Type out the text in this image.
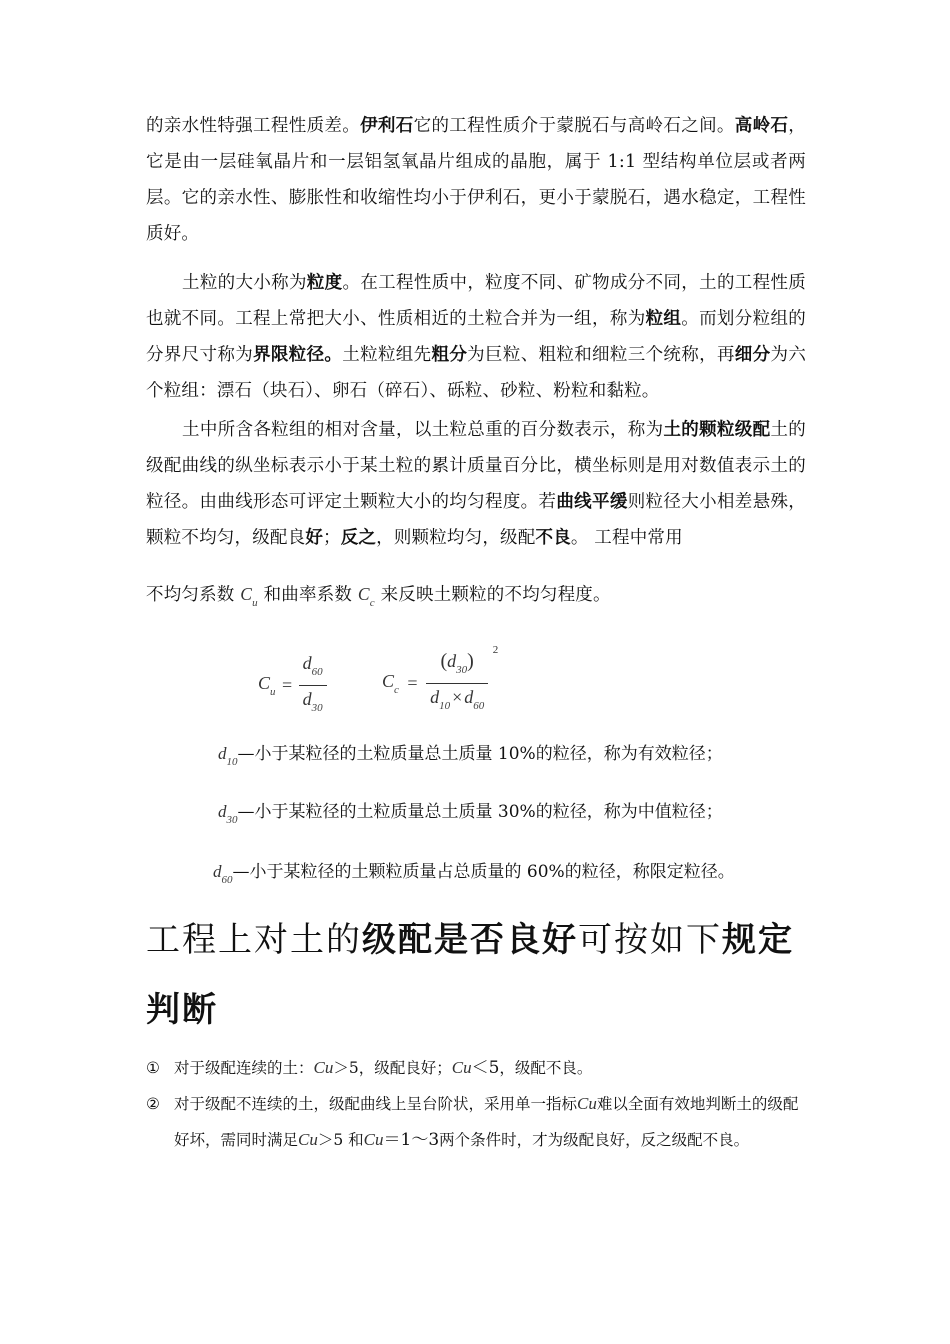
的亲水性特强工程性质差。伊利石它的工程性质介于蒙脱石与高岭石之间。高岭石，它是由一层硅氧晶片和一层铝氢氧晶片组成的晶胞，属于 1:1 型结构单位层或者两层。它的亲水性、膨胀性和收缩性均小于伊利石，更小于蒙脱石，遇水稳定，工程性质好。

土粒的大小称为粒度。在工程性质中，粒度不同、矿物成分不同，土的工程性质也就不同。工程上常把大小、性质相近的土粒合并为一组，称为粒组。而划分粒组的分界尺寸称为界限粒径。土粒粒组先粗分为巨粒、粗粒和细粒三个统称，再细分为六个粒组：漂石（块石）、卵石（碎石）、砾粒、砂粒、粉粒和黏粒。

土中所含各粒组的相对含量，以土粒总重的百分数表示，称为土的颗粒级配土的级配曲线的纵坐标表示小于某土粒的累计质量百分比，横坐标则是用对数值表示土的粒径。由曲线形态可评定土颗粒大小的均匀程度。若曲线平缓则粒径大小相差悬殊，颗粒不均匀，级配良好；反之，则颗粒均匀，级配不良。 工程中常用

不均匀系数 $C_u$ 和曲率系数 $C_c$ 来反映土颗粒的不均匀程度。

$C_u = \frac{d_{60}}{d_{30}}$	$C_c = \frac{(d_{30})}{d_{10} \times d_{60}} ^2$
$d_{10}—$小于某粒径的土粒质量总土质量 10%的粒径，称为有效粒径；
$d_{30}—$小于某粒径的土粒质量总土质量 30%的粒径，称为中值粒径；
$d_{60}—$小于某粒径的土颗粒质量占总质量的 60%的粒径，称限定粒径。
工程上对土的级配是否良好可按如下规定判断
① 对于级配连续的土：Cu＞5，级配良好；Cu＜5，级配不良。
② 对于级配不连续的土，级配曲线上呈台阶状，采用单一指标Cu难以全面有效地判断土的级配好坏，需同时满足Cu＞5 和Cu＝1～3两个条件时，才为级配良好，反之级配不良。
